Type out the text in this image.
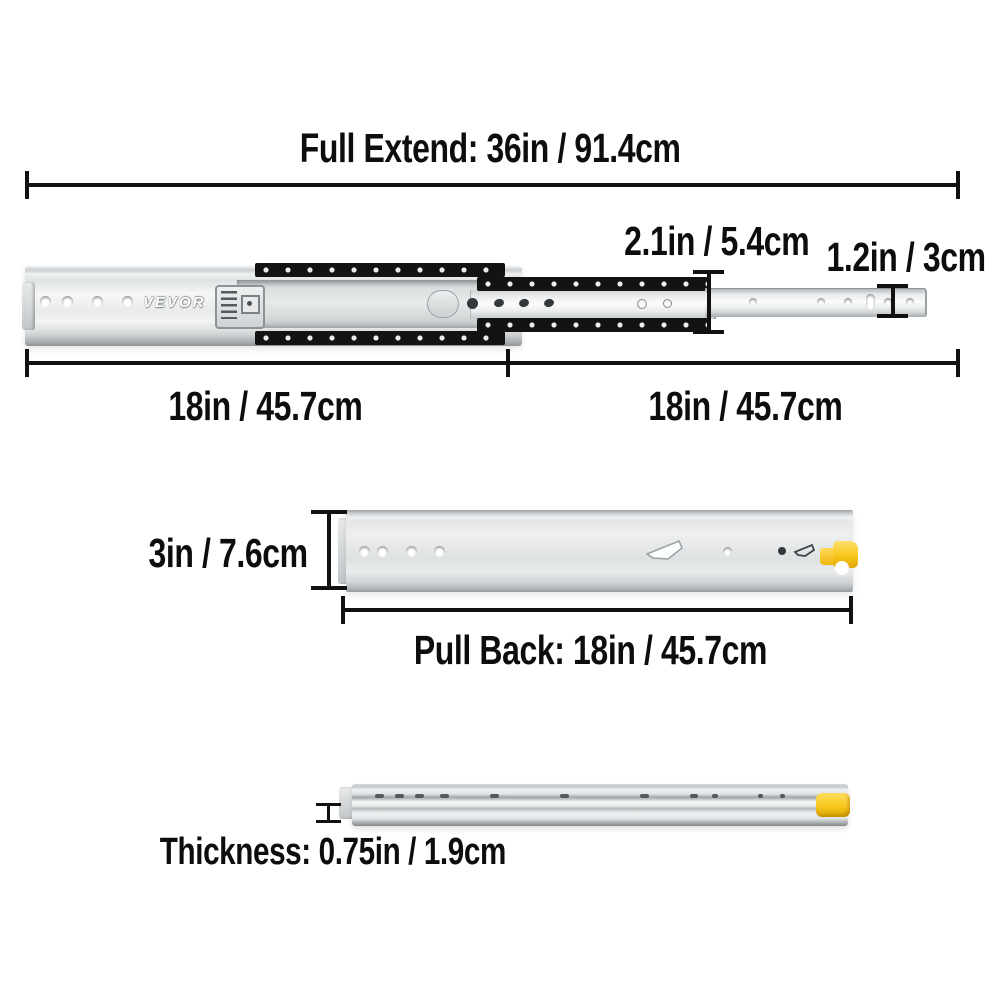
Full Extend: 36in / 91.4cm
VEVOR
2.1in / 5.4cm 1.2in / 3cm
18in / 45.7cm	18in / 45.7cm
3in / 7.6cm
Pull Back: 18in / 45.7cm
Thickness: 0.75in / 1.9cm
